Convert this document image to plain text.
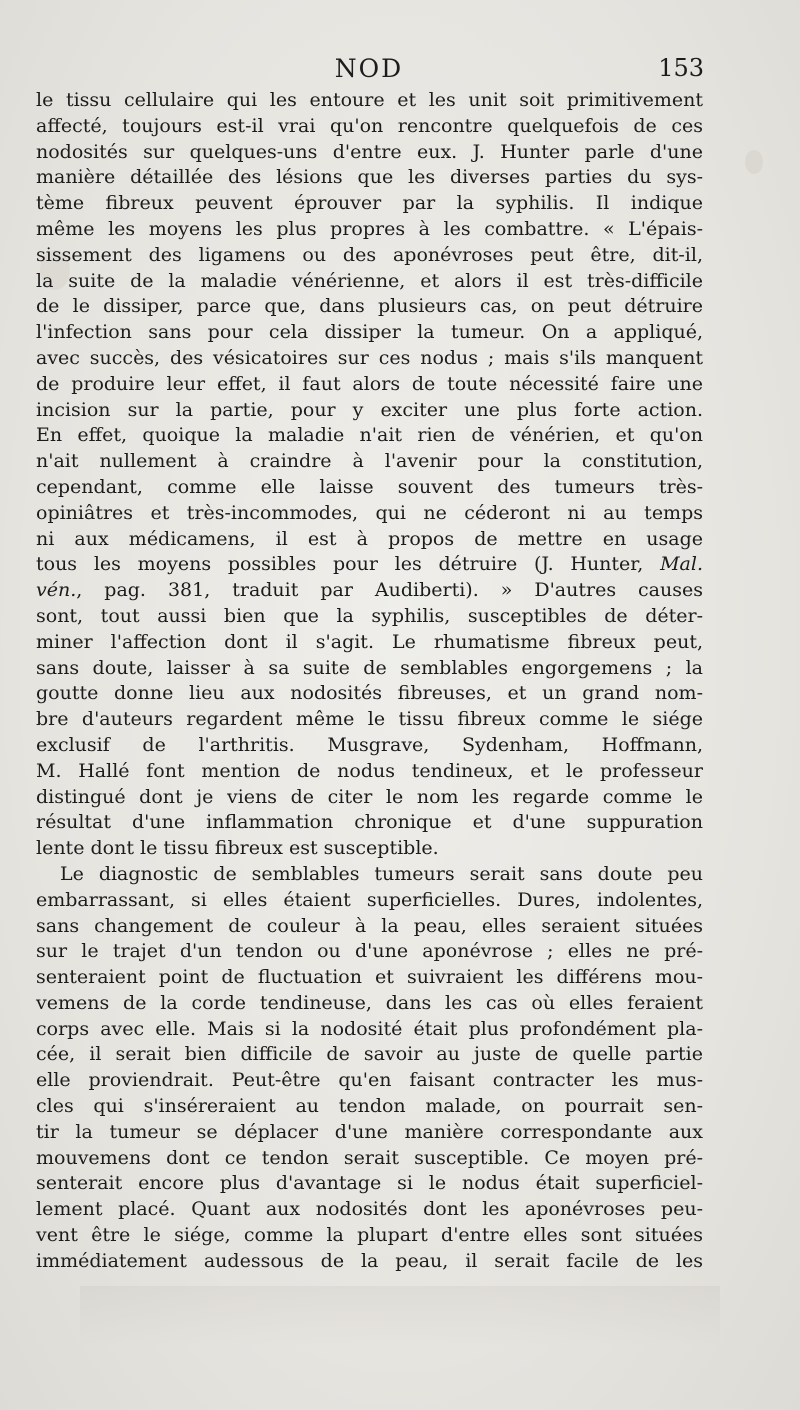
NOD	153
le tissu cellulaire qui les entoure et les unit soit primitivement
affecté, toujours est-il vrai qu'on rencontre quelquefois de ces
nodosités sur quelques-uns d'entre eux. J. Hunter parle d'une
manière détaillée des lésions que les diverses parties du sys-
tème fibreux peuvent éprouver par la syphilis. Il indique
même les moyens les plus propres à les combattre. « L'épais-
sissement des ligamens ou des aponévroses peut être, dit-il,
la suite de la maladie vénérienne, et alors il est très-difficile
de le dissiper, parce que, dans plusieurs cas, on peut détruire
l'infection sans pour cela dissiper la tumeur. On a appliqué,
avec succès, des vésicatoires sur ces nodus ; mais s'ils manquent
de produire leur effet, il faut alors de toute nécessité faire une
incision sur la partie, pour y exciter une plus forte action.
En effet, quoique la maladie n'ait rien de vénérien, et qu'on
n'ait nullement à craindre à l'avenir pour la constitution,
cependant, comme elle laisse souvent des tumeurs très-
opiniâtres et très-incommodes, qui ne céderont ni au temps
ni aux médicamens, il est à propos de mettre en usage
tous les moyens possibles pour les détruire (J. Hunter, Mal.
vén., pag. 381, traduit par Audiberti). » D'autres causes
sont, tout aussi bien que la syphilis, susceptibles de déter-
miner l'affection dont il s'agit. Le rhumatisme fibreux peut,
sans doute, laisser à sa suite de semblables engorgemens ; la
goutte donne lieu aux nodosités fibreuses, et un grand nom-
bre d'auteurs regardent même le tissu fibreux comme le siége
exclusif de l'arthritis. Musgrave, Sydenham, Hoffmann,
M. Hallé font mention de nodus tendineux, et le professeur
distingué dont je viens de citer le nom les regarde comme le
résultat d'une inflammation chronique et d'une suppuration
lente dont le tissu fibreux est susceptible.
Le diagnostic de semblables tumeurs serait sans doute peu
embarrassant, si elles étaient superficielles. Dures, indolentes,
sans changement de couleur à la peau, elles seraient situées
sur le trajet d'un tendon ou d'une aponévrose ; elles ne pré-
senteraient point de fluctuation et suivraient les différens mou-
vemens de la corde tendineuse, dans les cas où elles feraient
corps avec elle. Mais si la nodosité était plus profondément pla-
cée, il serait bien difficile de savoir au juste de quelle partie
elle proviendrait. Peut-être qu'en faisant contracter les mus-
cles qui s'inséreraient au tendon malade, on pourrait sen-
tir la tumeur se déplacer d'une manière correspondante aux
mouvemens dont ce tendon serait susceptible. Ce moyen pré-
senterait encore plus d'avantage si le nodus était superficiel-
lement placé. Quant aux nodosités dont les aponévroses peu-
vent être le siége, comme la plupart d'entre elles sont situées
immédiatement audessous de la peau, il serait facile de les
